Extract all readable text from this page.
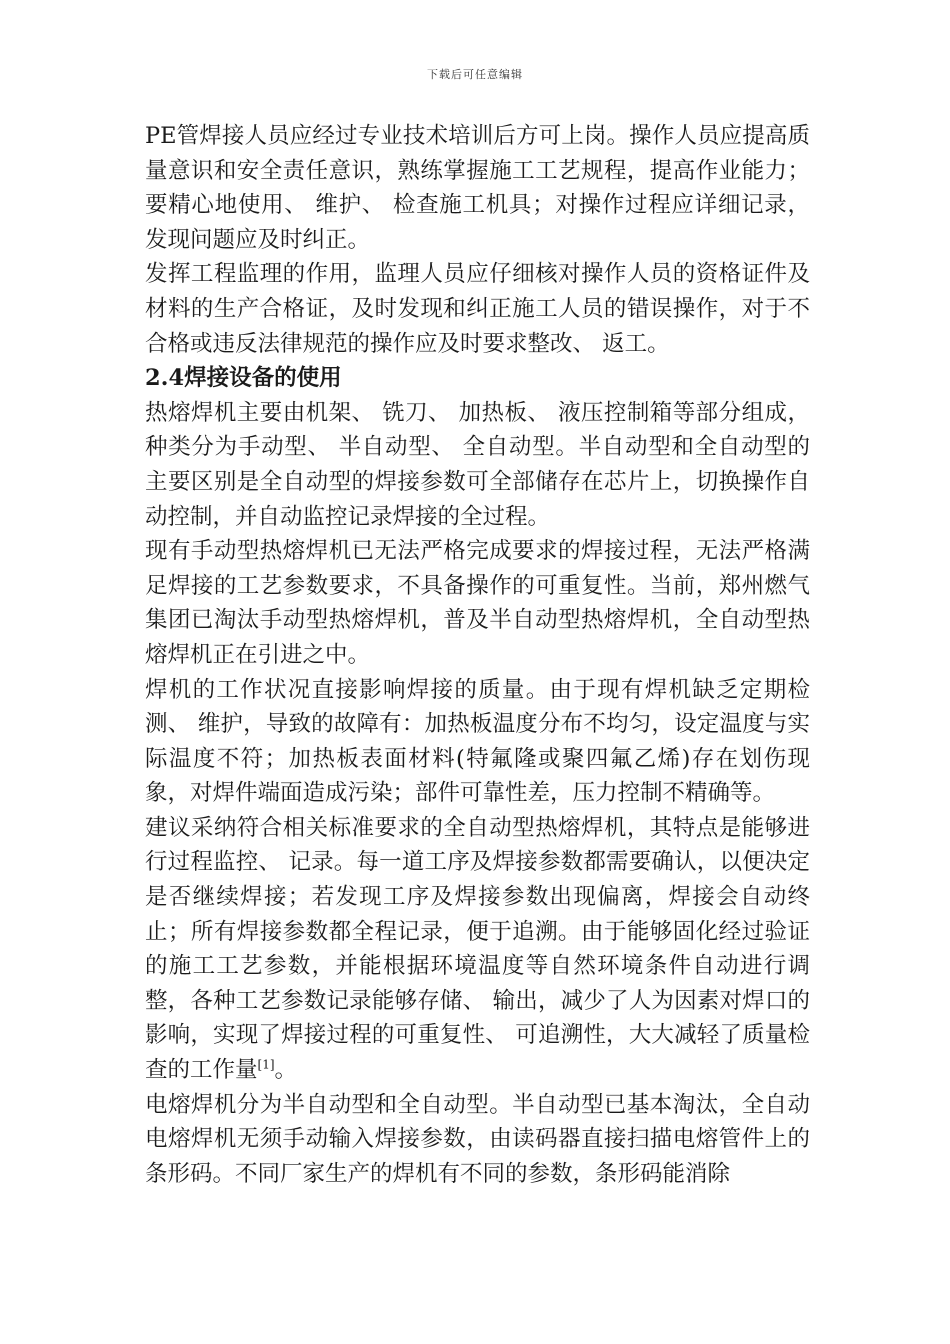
下载后可任意编辑

PE管焊接人员应经过专业技术培训后方可上岗。操作人员应提高质量意识和安全责任意识，熟练掌握施工工艺规程，提高作业能力；要精心地使用、 维护、 检查施工机具；对操作过程应详细记录，发现问题应及时纠正。

发挥工程监理的作用，监理人员应仔细核对操作人员的资格证件及材料的生产合格证，及时发现和纠正施工人员的错误操作，对于不合格或违反法律规范的操作应及时要求整改、 返工。

2.4焊接设备的使用

热熔焊机主要由机架、 铣刀、 加热板、 液压控制箱等部分组成，种类分为手动型、 半自动型、 全自动型。半自动型和全自动型的主要区别是全自动型的焊接参数可全部储存在芯片上，切换操作自动控制，并自动监控记录焊接的全过程。

现有手动型热熔焊机已无法严格完成要求的焊接过程，无法严格满足焊接的工艺参数要求，不具备操作的可重复性。当前，郑州燃气集团已淘汰手动型热熔焊机，普及半自动型热熔焊机，全自动型热熔焊机正在引进之中。

焊机的工作状况直接影响焊接的质量。由于现有焊机缺乏定期检测、 维护，导致的故障有：加热板温度分布不均匀，设定温度与实际温度不符；加热板表面材料(特氟隆或聚四氟乙烯)存在划伤现象，对焊件端面造成污染；部件可靠性差，压力控制不精确等。

建议采纳符合相关标准要求的全自动型热熔焊机，其特点是能够进行过程监控、 记录。每一道工序及焊接参数都需要确认，以便决定是否继续焊接；若发现工序及焊接参数出现偏离，焊接会自动终止；所有焊接参数都全程记录，便于追溯。由于能够固化经过验证的施工工艺参数，并能根据环境温度等自然环境条件自动进行调整，各种工艺参数记录能够存储、 输出，减少了人为因素对焊口的影响，实现了焊接过程的可重复性、 可追溯性，大大减轻了质量检查的工作量[1]。

电熔焊机分为半自动型和全自动型。半自动型已基本淘汰，全自动电熔焊机无须手动输入焊接参数，由读码器直接扫描电熔管件上的条形码。不同厂家生产的焊机有不同的参数，条形码能消除
